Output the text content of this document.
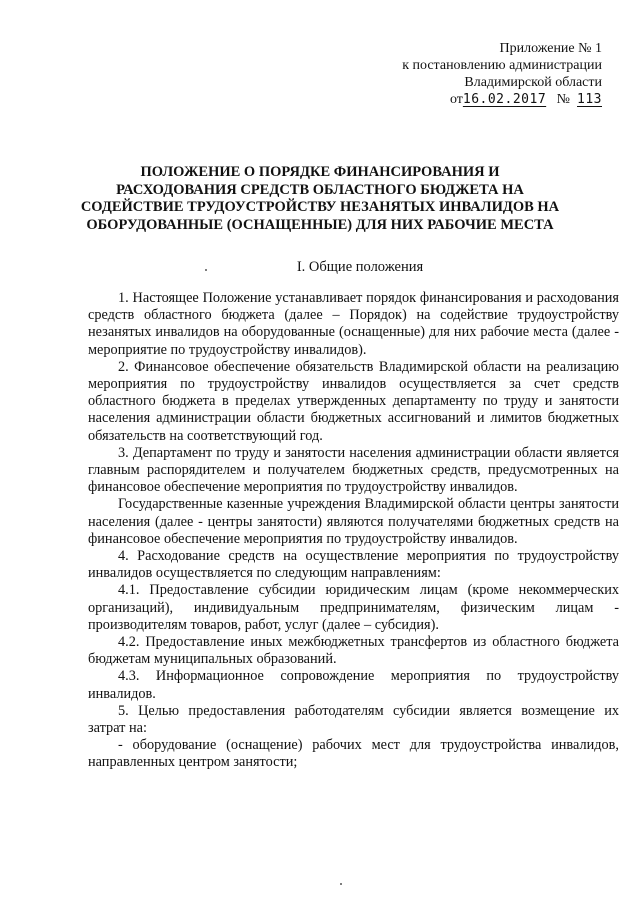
Приложение № 1
к постановлению администрации
Владимирской области
от16.02.2017 № 113
ПОЛОЖЕНИЕ О ПОРЯДКЕ ФИНАНСИРОВАНИЯ И
РАСХОДОВАНИЯ СРЕДСТВ ОБЛАСТНОГО БЮДЖЕТА НА
СОДЕЙСТВИЕ ТРУДОУСТРОЙСТВУ НЕЗАНЯТЫХ ИНВАЛИДОВ НА
ОБОРУДОВАННЫЕ (ОСНАЩЕННЫЕ) ДЛЯ НИХ РАБОЧИЕ МЕСТА
I. Общие положения

1. Настоящее Положение устанавливает порядок финансирования и расходования средств областного бюджета (далее – Порядок) на содействие трудоустройству незанятых инвалидов на оборудованные (оснащенные) для них рабочие места (далее - мероприятие по трудоустройству инвалидов).

2. Финансовое обеспечение обязательств Владимирской области на реализацию мероприятия по трудоустройству инвалидов осуществляется за счет средств областного бюджета в пределах утвержденных департаменту по труду и занятости населения администрации области бюджетных ассигнований и лимитов бюджетных обязательств на соответствующий год.

3. Департамент по труду и занятости населения администрации области является главным распорядителем и получателем бюджетных средств, предусмотренных на финансовое обеспечение мероприятия по трудоустройству инвалидов.

Государственные казенные учреждения Владимирской области центры занятости населения (далее - центры занятости) являются получателями бюджетных средств на финансовое обеспечение мероприятия по трудоустройству инвалидов.

4. Расходование средств на осуществление мероприятия по трудоустройству инвалидов осуществляется по следующим направлениям:

4.1. Предоставление субсидии юридическим лицам (кроме некоммерческих организаций), индивидуальным предпринимателям, физическим лицам - производителям товаров, работ, услуг (далее – субсидия).

4.2. Предоставление иных межбюджетных трансфертов из областного бюджета бюджетам муниципальных образований.

4.3. Информационное сопровождение мероприятия по трудоустройству инвалидов.

5. Целью предоставления работодателям субсидии является возмещение их затрат на:

- оборудование (оснащение) рабочих мест для трудоустройства инвалидов, направленных центром занятости;
